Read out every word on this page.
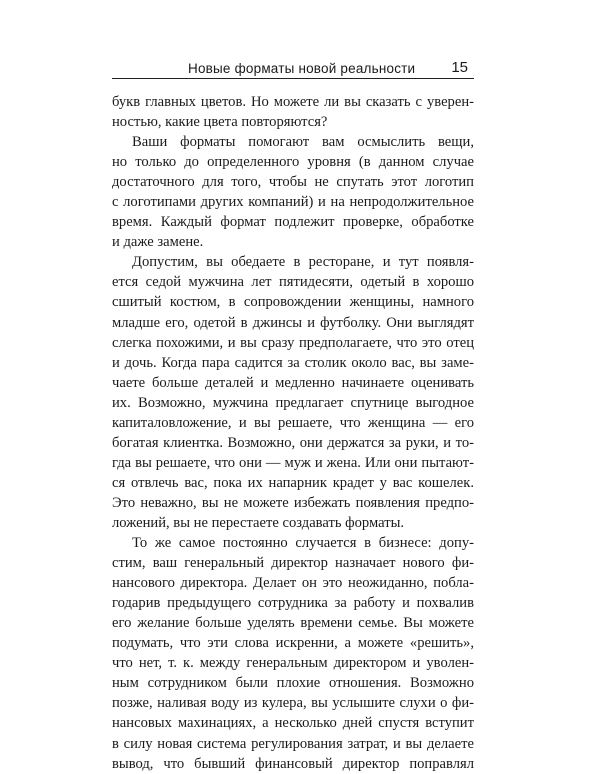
Новые форматы новой реальности 15
букв главных цветов. Но можете ли вы сказать с уверен-
ностью, какие цвета повторяются?
Ваши форматы помогают вам осмыслить вещи,
но только до определенного уровня (в данном случае
достаточного для того, чтобы не спутать этот логотип
с логотипами других компаний) и на непродолжительное
время. Каждый формат подлежит проверке, обработке
и даже замене.
Допустим, вы обедаете в ресторане, и тут появля-
ется седой мужчина лет пятидесяти, одетый в хорошо
сшитый костюм, в сопровождении женщины, намного
младше его, одетой в джинсы и футболку. Они выглядят
слегка похожими, и вы сразу предполагаете, что это отец
и дочь. Когда пара садится за столик около вас, вы заме-
чаете больше деталей и медленно начинаете оценивать
их. Возможно, мужчина предлагает спутнице выгодное
капиталовложение, и вы решаете, что женщина — его
богатая клиентка. Возможно, они держатся за руки, и то-
гда вы решаете, что они — муж и жена. Или они пытают-
ся отвлечь вас, пока их напарник крадет у вас кошелек.
Это неважно, вы не можете избежать появления предпо-
ложений, вы не перестаете создавать форматы.
То же самое постоянно случается в бизнесе: допу-
стим, ваш генеральный директор назначает нового фи-
нансового директора. Делает он это неожиданно, побла-
годарив предыдущего сотрудника за работу и похвалив
его желание больше уделять времени семье. Вы можете
подумать, что эти слова искренни, а можете «решить»,
что нет, т. к. между генеральным директором и уволен-
ным сотрудником были плохие отношения. Возможно
позже, наливая воду из кулера, вы услышите слухи о фи-
нансовых махинациях, а несколько дней спустя вступит
в силу новая система регулирования затрат, и вы делаете
вывод, что бывший финансовый директор поправлял
